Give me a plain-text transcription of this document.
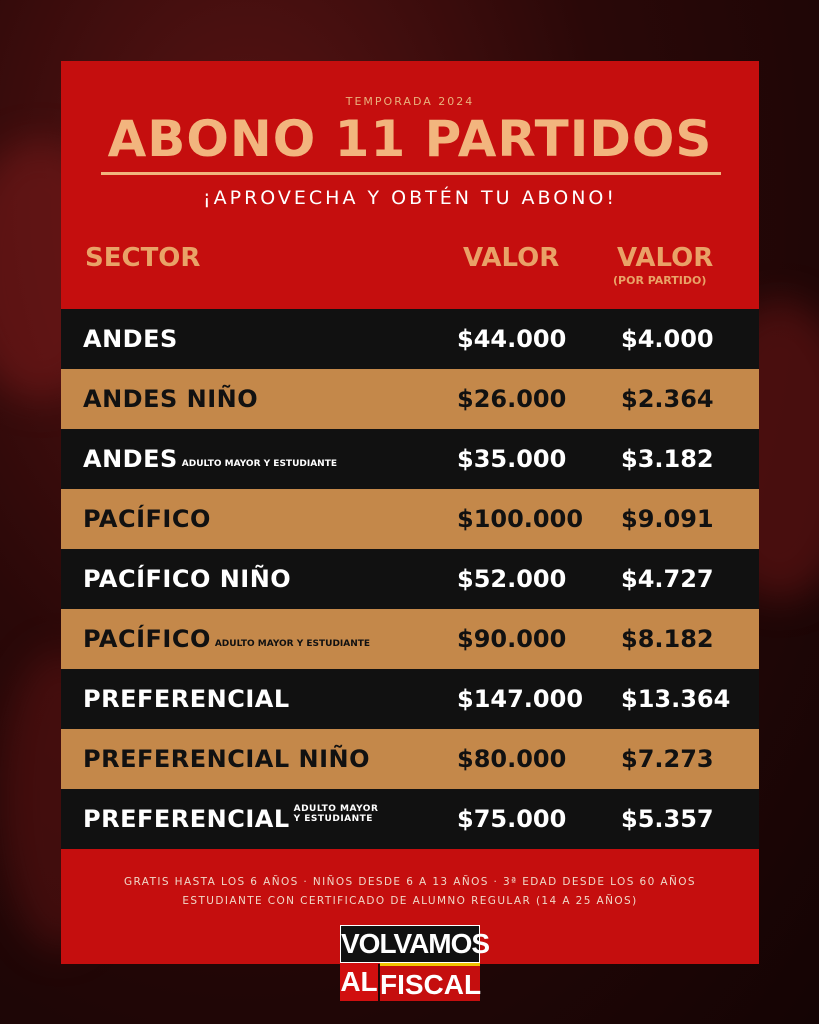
TEMPORADA 2024
ABONO 11 PARTIDOS
¡APROVECHA Y OBTÉN TU ABONO!
SECTOR	VALOR VALOR
(POR PARTIDO)
ANDES	$44.000 $4.000
ANDES NIÑO	$26.000 $2.364
ANDES ADULTO MAYOR Y ESTUDIANTE	$35.000 $3.182
PACÍFICO	$100.000 $9.091
PACÍFICO NIÑO	$52.000 $4.727
PACÍFICO ADULTO MAYOR Y ESTUDIANTE	$90.000 $8.182
PREFERENCIAL	$147.000 $13.364
PREFERENCIAL NIÑO	$80.000 $7.273
PREFERENCIAL ADULTO MAYOR
Y ESTUDIANTE	$75.000 $5.357
GRATIS HASTA LOS 6 AÑOS · NIÑOS DESDE 6 A 13 AÑOS · 3ª EDAD DESDE LOS 60 AÑOS
ESTUDIANTE CON CERTIFICADO DE ALUMNO REGULAR (14 A 25 AÑOS)
VOLVAMOS
AL FISCAL
